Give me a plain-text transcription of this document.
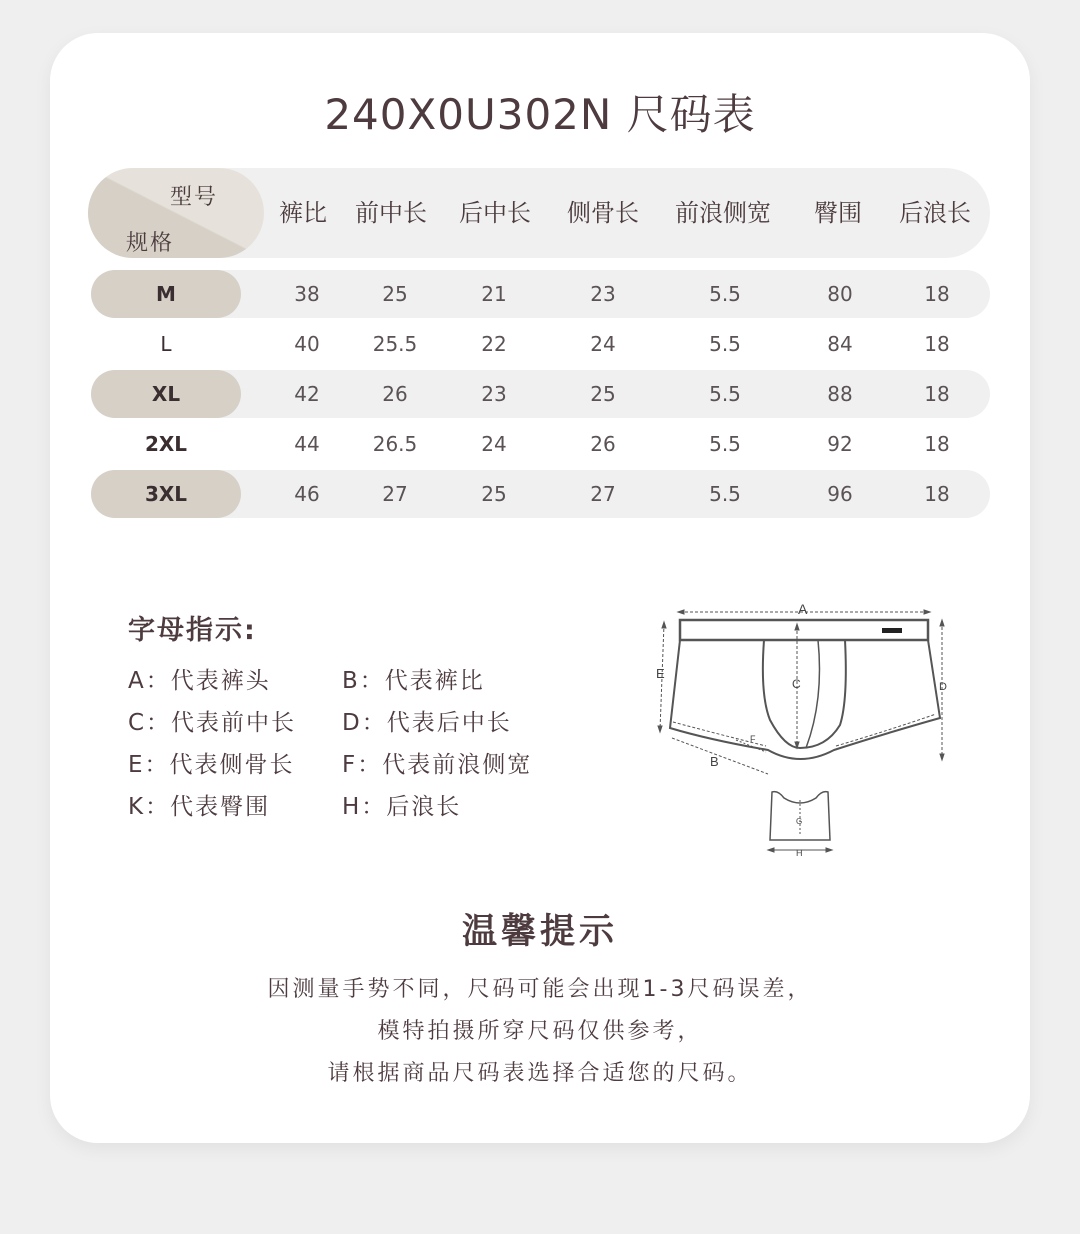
240X0U302N 尺码表
型号
规格
裤比 前中长 后中长 侧骨长 前浪侧宽 臀围 后浪长
M	38	25	21	23	5.5	80	18
L	40	25.5	22	24	5.5	84	18
XL	42	26	23	25	5.5	88	18
2XL	44	26.5	24	26	5.5	92	18
3XL	46	27	25	27	5.5	96	18
字母指示:
A：代表裤头	B：代表裤比
C：代表前中长 D：代表后中长
E：代表侧骨长 F：代表前浪侧宽
K：代表臀围	H：后浪长
A
C	D
E
B
F
G
H
温馨提示
因测量手势不同，尺码可能会出现1-3尺码误差，
模特拍摄所穿尺码仅供参考，
请根据商品尺码表选择合适您的尺码。
